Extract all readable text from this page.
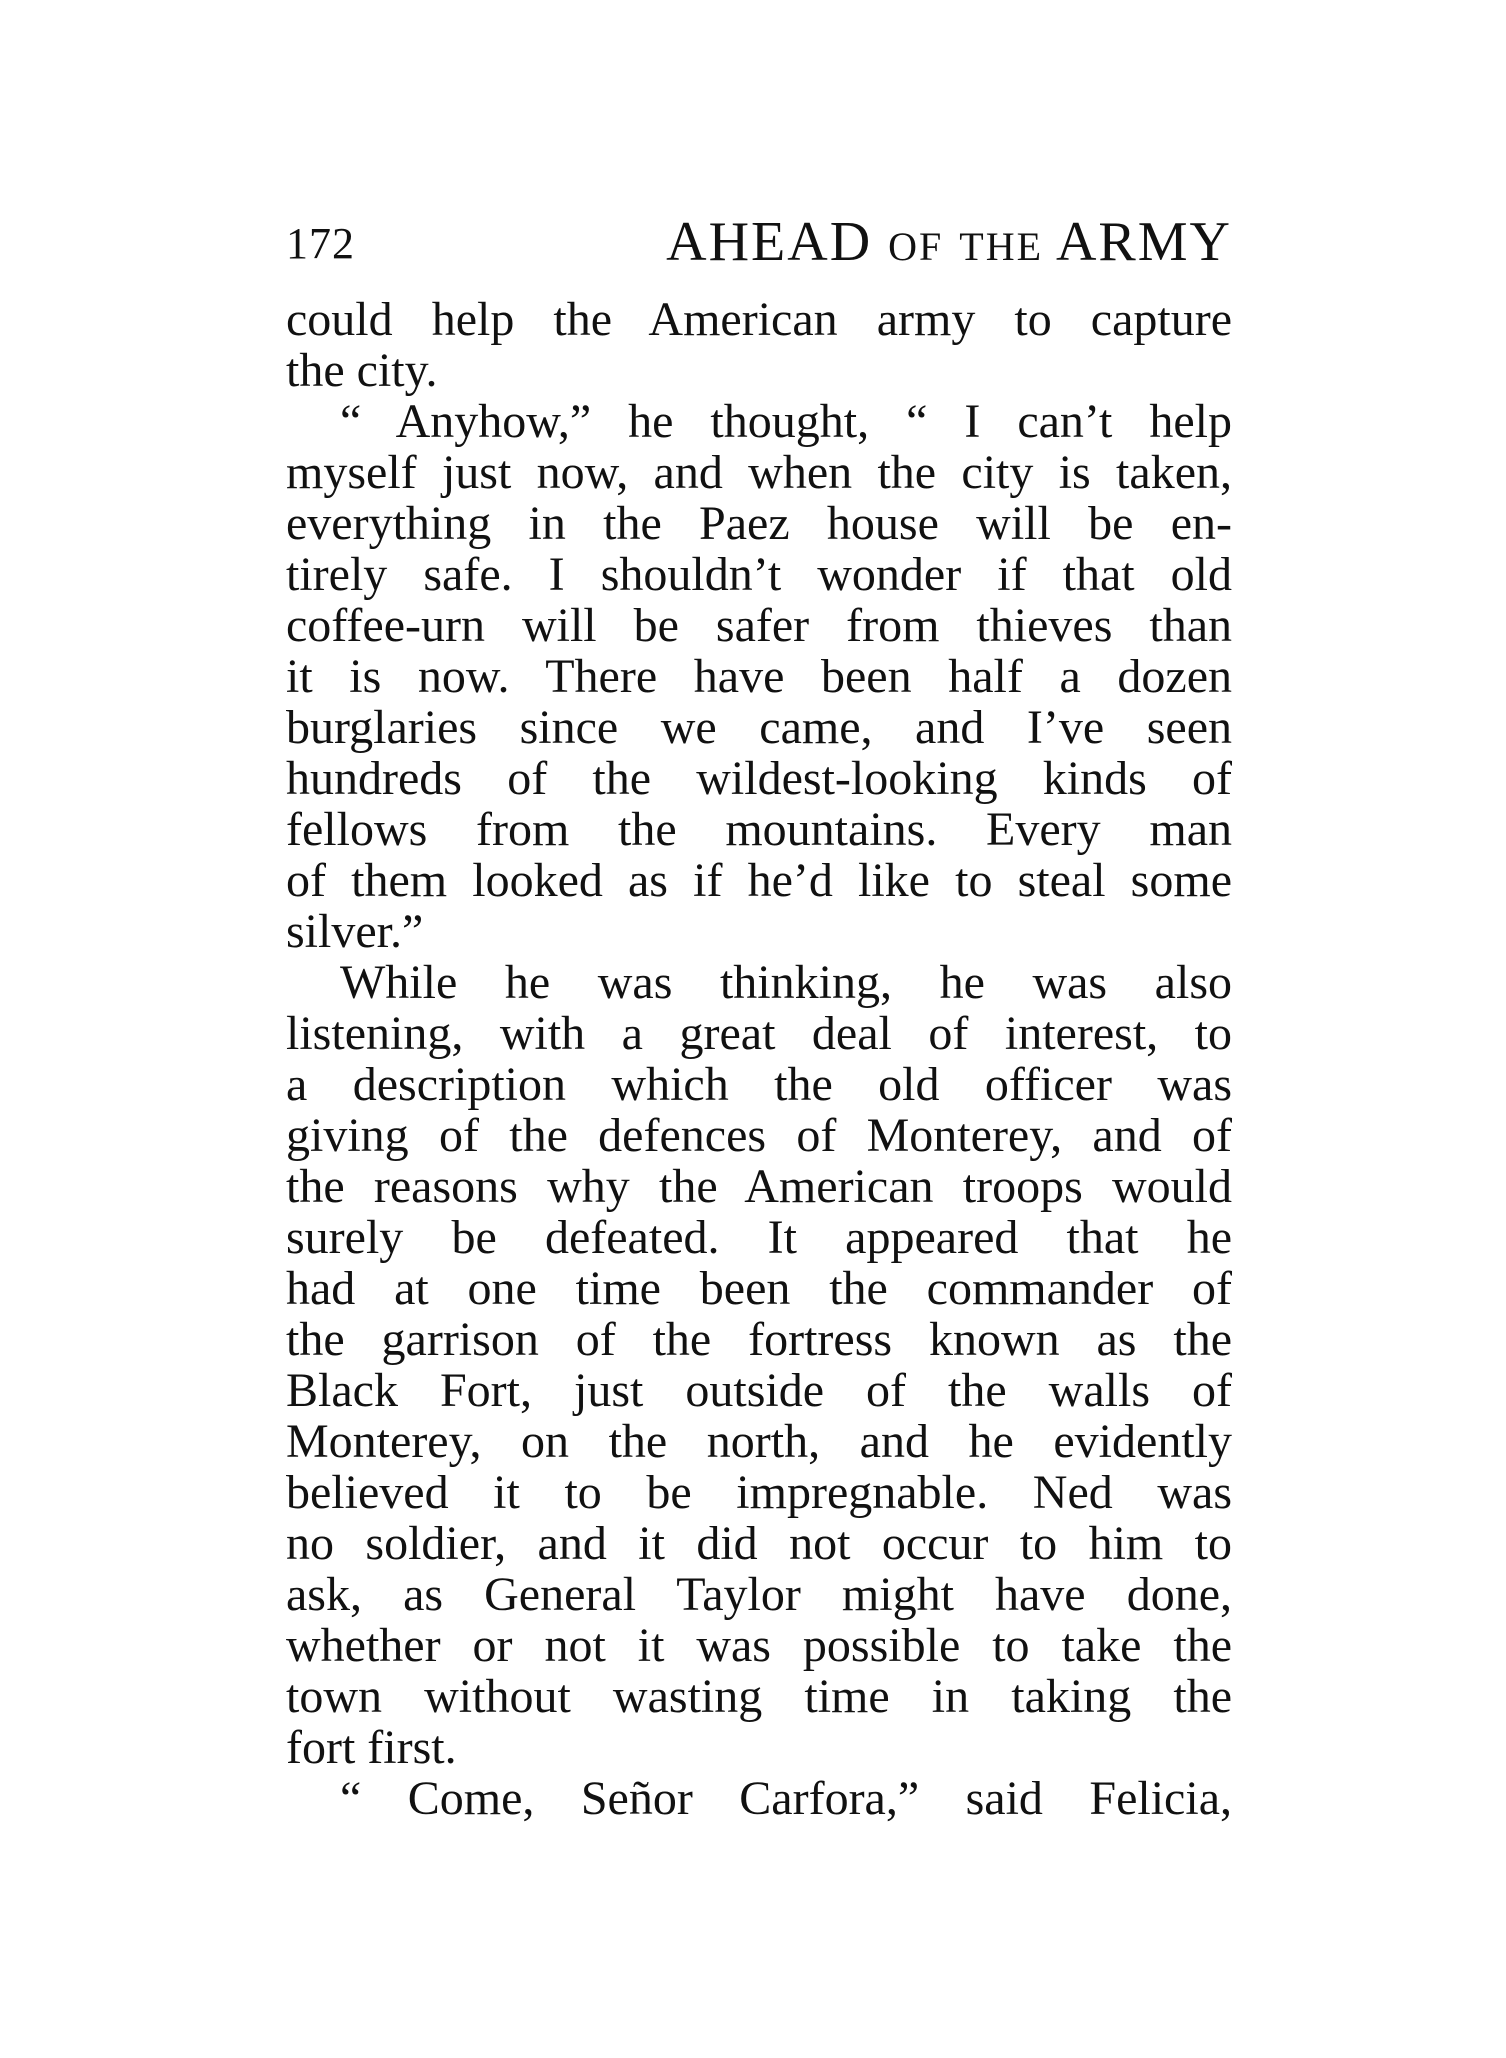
172	AHEAD OF THE ARMY
could help the American army to capture
the city.
“ Anyhow,” he thought, “ I can’t help
myself just now, and when the city is taken,
everything in the Paez house will be en-
tirely safe. I shouldn’t wonder if that old
coffee-urn will be safer from thieves than
it is now. There have been half a dozen
burglaries since we came, and I’ve seen
hundreds of the wildest-looking kinds of
fellows from the mountains. Every man
of them looked as if he’d like to steal some
silver.”
While he was thinking, he was also
listening, with a great deal of interest, to
a description which the old officer was
giving of the defences of Monterey, and of
the reasons why the American troops would
surely be defeated. It appeared that he
had at one time been the commander of
the garrison of the fortress known as the
Black Fort, just outside of the walls of
Monterey, on the north, and he evidently
believed it to be impregnable. Ned was
no soldier, and it did not occur to him to
ask, as General Taylor might have done,
whether or not it was possible to take the
town without wasting time in taking the
fort first.
“ Come, Señor Carfora,” said Felicia,
